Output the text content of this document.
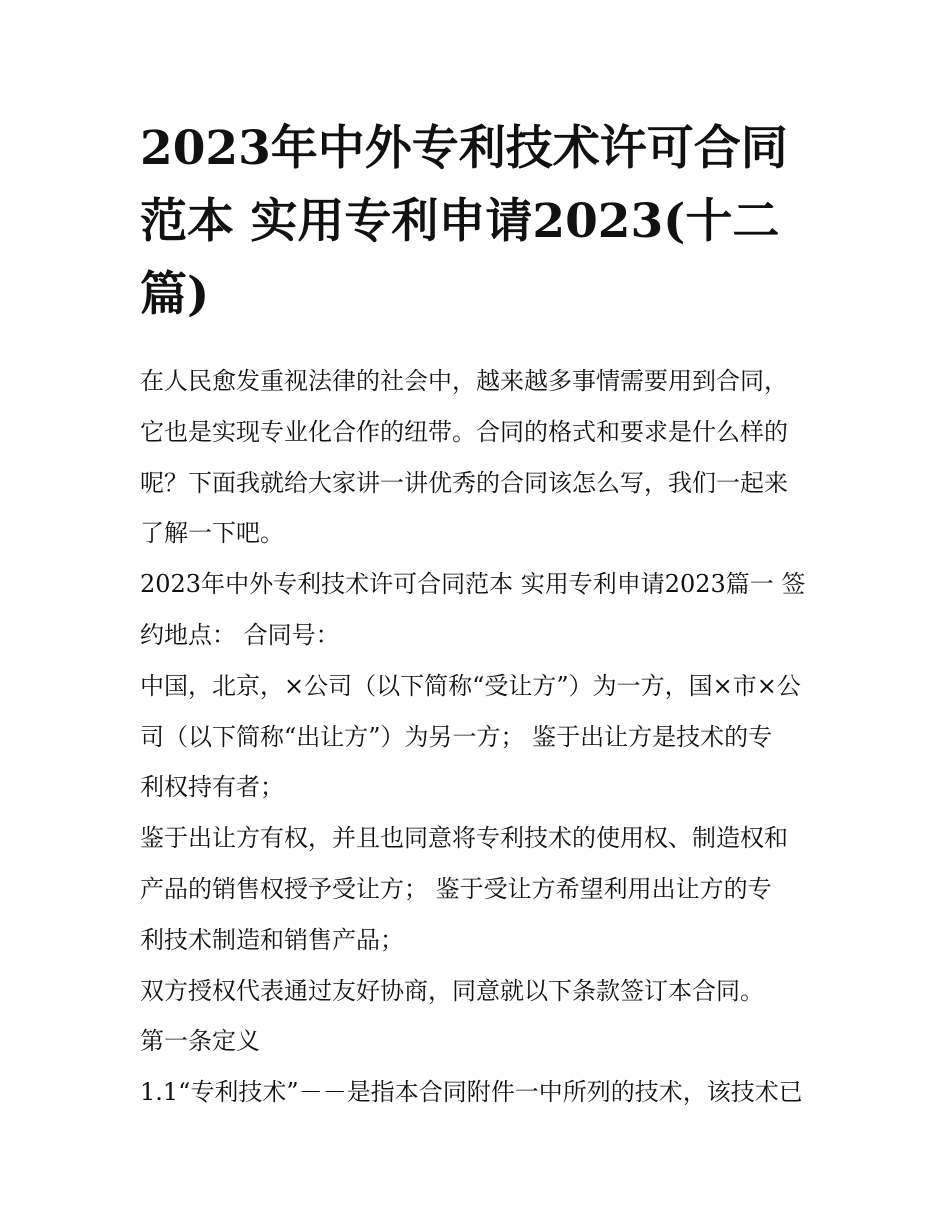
2023年中外专利技术许可合同
范本 实用专利申请2023(十二
篇)
在人民愈发重视法律的社会中，越来越多事情需要用到合同，
它也是实现专业化合作的纽带。合同的格式和要求是什么样的
呢？下面我就给大家讲一讲优秀的合同该怎么写，我们一起来
了解一下吧。
2023年中外专利技术许可合同范本 实用专利申请2023篇一 签
约地点： 合同号：
中国，北京，×公司（以下简称“受让方”）为一方，国×市×公
司（以下简称“出让方”）为另一方； 鉴于出让方是技术的专
利权持有者；
鉴于出让方有权，并且也同意将专利技术的使用权、制造权和
产品的销售权授予受让方； 鉴于受让方希望利用出让方的专
利技术制造和销售产品；
双方授权代表通过友好协商，同意就以下条款签订本合同。
第一条定义
1.1“专利技术”－－是指本合同附件一中所列的技术，该技术已
